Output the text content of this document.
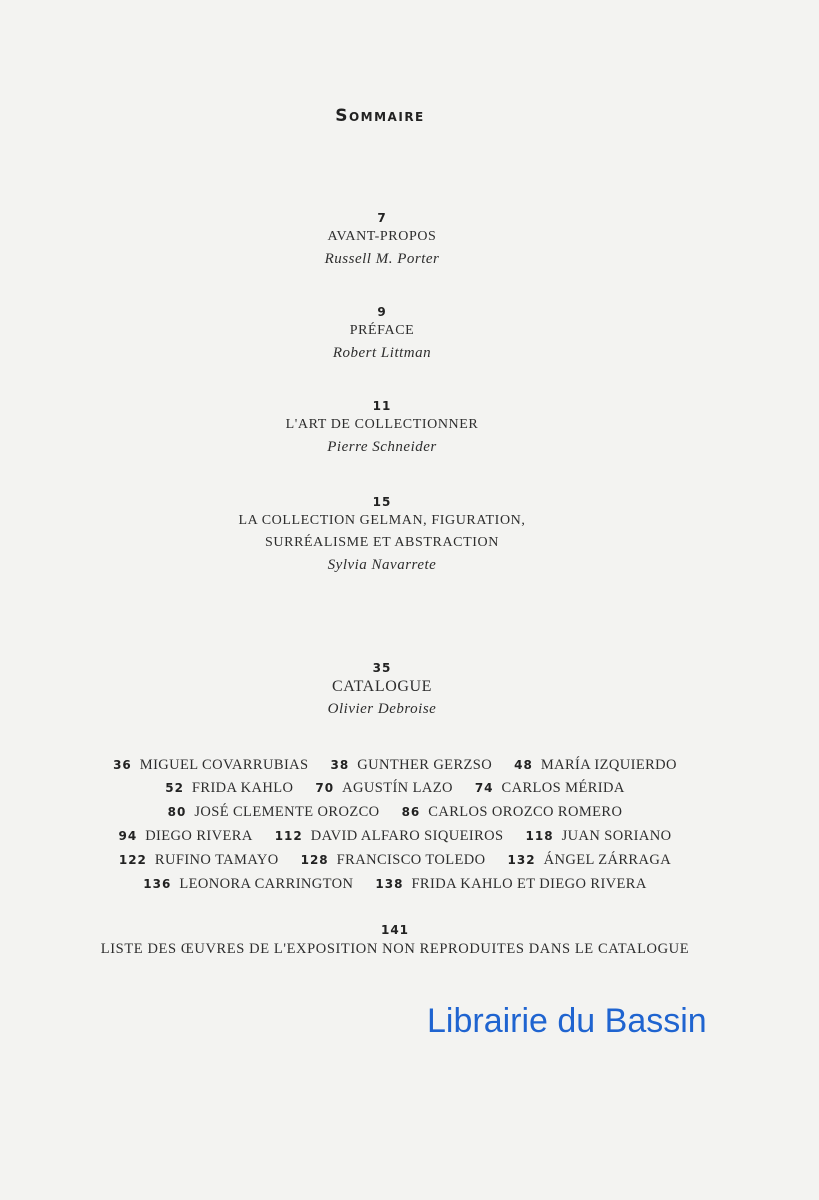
Sommaire
7
AVANT-PROPOS
Russell M. Porter
9
PRÉFACE
Robert Littman
11
L'ART DE COLLECTIONNER
Pierre Schneider
15
LA COLLECTION GELMAN, FIGURATION,
SURRÉALISME ET ABSTRACTION
Sylvia Navarrete
35
CATALOGUE
Olivier Debroise
36 MIGUEL COVARRUBIAS 38 GUNTHER GERZSO 48 MARÍA IZQUIERDO
52 FRIDA KAHLO 70 AGUSTÍN LAZO 74 CARLOS MÉRIDA
80 JOSÉ CLEMENTE OROZCO 86 CARLOS OROZCO ROMERO
94 DIEGO RIVERA 112 DAVID ALFARO SIQUEIROS 118 JUAN SORIANO
122 RUFINO TAMAYO 128 FRANCISCO TOLEDO 132 ÁNGEL ZÁRRAGA
136 LEONORA CARRINGTON 138 FRIDA KAHLO ET DIEGO RIVERA
141
LISTE DES ŒUVRES DE L'EXPOSITION NON REPRODUITES DANS LE CATALOGUE
Librairie du Bassin
